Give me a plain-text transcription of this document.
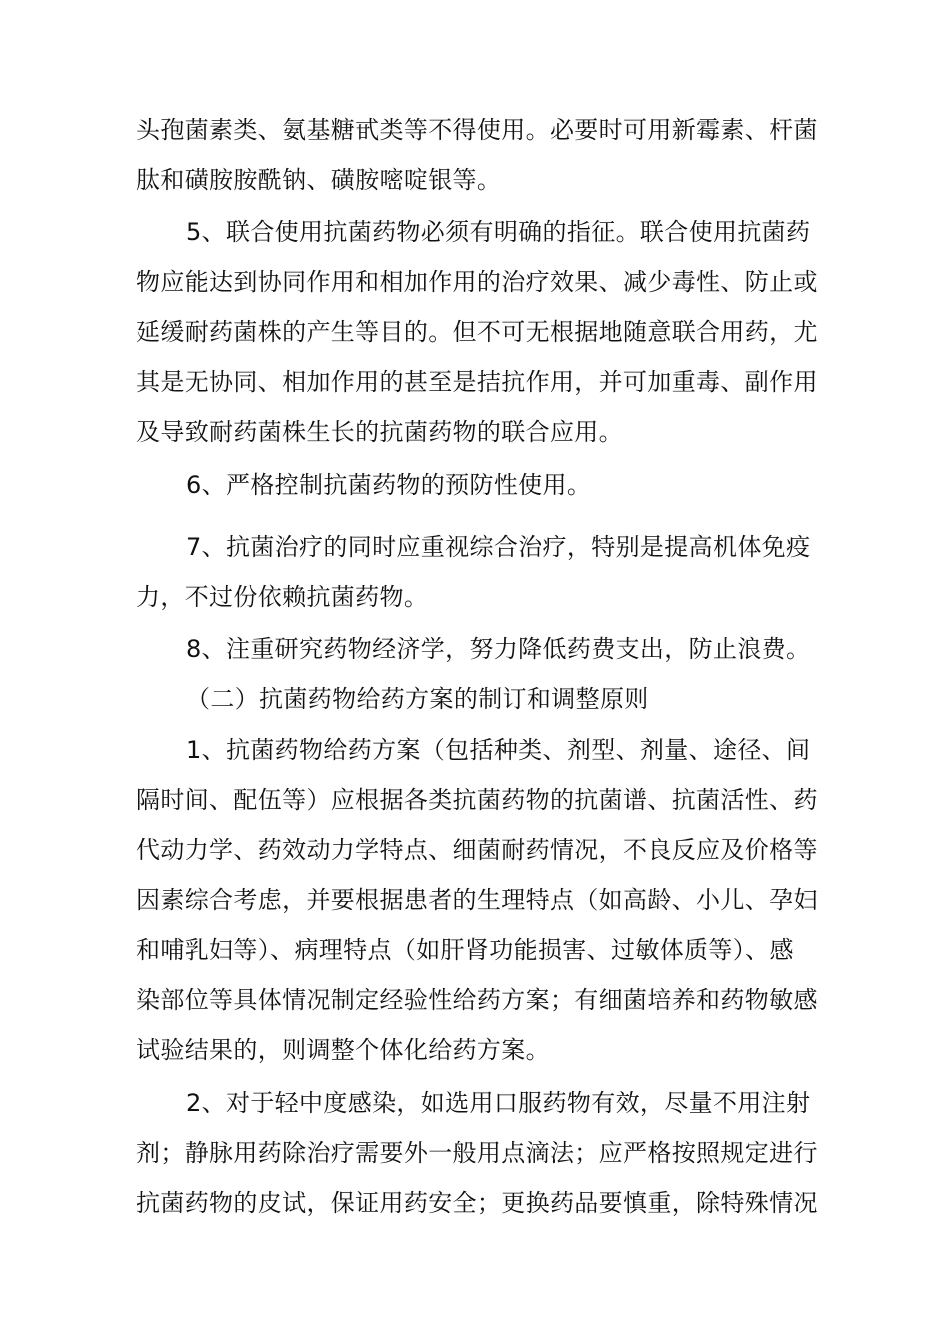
头孢菌素类、氨基糖甙类等不得使用。必要时可用新霉素、杆菌
肽和磺胺胺酰钠、磺胺嘧啶银等。
5、联合使用抗菌药物必须有明确的指征。联合使用抗菌药
物应能达到协同作用和相加作用的治疗效果、减少毒性、防止或
延缓耐药菌株的产生等目的。但不可无根据地随意联合用药，尤
其是无协同、相加作用的甚至是拮抗作用，并可加重毒、副作用
及导致耐药菌株生长的抗菌药物的联合应用。
6、严格控制抗菌药物的预防性使用。
7、抗菌治疗的同时应重视综合治疗，特别是提高机体免疫
力，不过份依赖抗菌药物。
8、注重研究药物经济学，努力降低药费支出，防止浪费。
（二）抗菌药物给药方案的制订和调整原则
1、抗菌药物给药方案（包括种类、剂型、剂量、途径、间
隔时间、配伍等）应根据各类抗菌药物的抗菌谱、抗菌活性、药
代动力学、药效动力学特点、细菌耐药情况，不良反应及价格等
因素综合考虑，并要根据患者的生理特点（如高龄、小儿、孕妇
和哺乳妇等）、病理特点（如肝肾功能损害、过敏体质等）、感
染部位等具体情况制定经验性给药方案；有细菌培养和药物敏感
试验结果的，则调整个体化给药方案。
2、对于轻中度感染，如选用口服药物有效，尽量不用注射
剂；静脉用药除治疗需要外一般用点滴法；应严格按照规定进行
抗菌药物的皮试，保证用药安全；更换药品要慎重，除特殊情况
